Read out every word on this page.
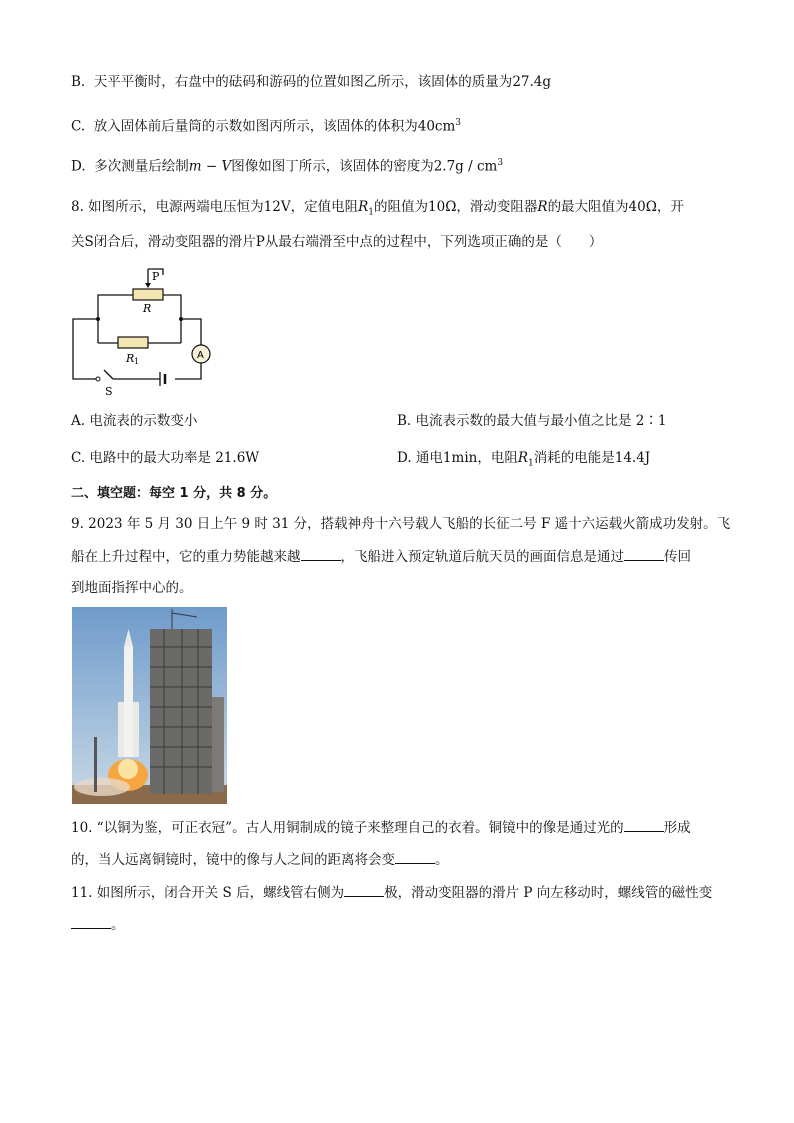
B. 天平平衡时，右盘中的砝码和游码的位置如图乙所示，该固体的质量为27.4g
C. 放入固体前后量筒的示数如图丙所示，该固体的体积为$40cm^3$
D. 多次测量后绘制m − V图像如图丁所示，该固体的密度为$2.7g / cm^3$
8. 如图所示，电源两端电压恒为12V，定值电阻$R_1$的阻值为10Ω，滑动变阻器R的最大阻值为40Ω，开
关S闭合后，滑动变阻器的滑片P从最右端滑至中点的过程中，下列选项正确的是（　　）
P
R
R 1
A
S
A. 电流表的示数变小	B. 电流表示数的最大值与最小值之比是 2∶1
C. 电路中的最大功率是 21.6W	D. 通电1min，电阻$R_1$消耗的电能是14.4J
二、填空题：每空 1 分，共 8 分。
9. 2023 年 5 月 30 日上午 9 时 31 分，搭载神舟十六号载人飞船的长征二号 F 遥十六运载火箭成功发射。飞
船在上升过程中，它的重力势能越来越	，飞船进入预定轨道后航天员的画面信息是通过	传回
到地面指挥中心的。
10. “以铜为鉴，可正衣冠”。古人用铜制成的镜子来整理自己的衣着。铜镜中的像是通过光的	形成
的，当人远离铜镜时，镜中的像与人之间的距离将会变	。
11. 如图所示，闭合开关 S 后，螺线管右侧为	极，滑动变阻器的滑片 P 向左移动时，螺线管的磁性变
。
